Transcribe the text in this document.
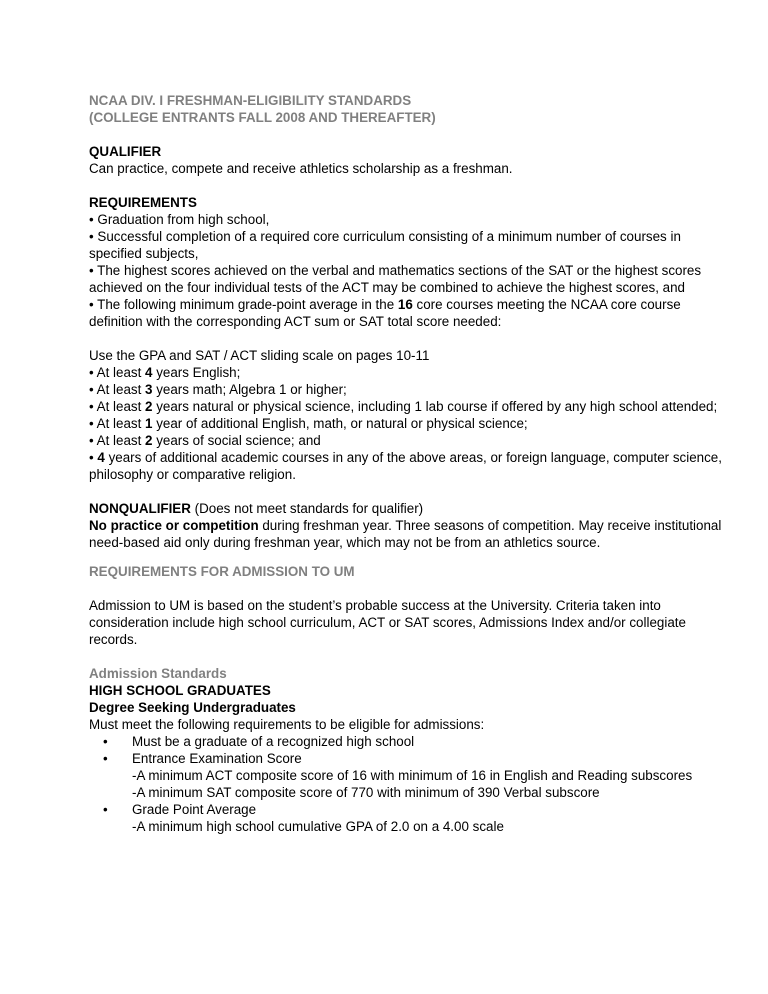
NCAA DIV. I FRESHMAN-ELIGIBILITY STANDARDS
(COLLEGE ENTRANTS FALL 2008 AND THEREAFTER)
QUALIFIER
Can practice, compete and receive athletics scholarship as a freshman.
REQUIREMENTS
• Graduation from high school,
• Successful completion of a required core curriculum consisting of a minimum number of courses in specified subjects,
• The highest scores achieved on the verbal and mathematics sections of the SAT or the highest scores achieved on the four individual tests of the ACT may be combined to achieve the highest scores, and
• The following minimum grade-point average in the 16 core courses meeting the NCAA core course definition with the corresponding ACT sum or SAT total score needed:
Use the GPA and SAT / ACT sliding scale on pages 10-11
• At least 4 years English;
• At least 3 years math; Algebra 1 or higher;
• At least 2 years natural or physical science, including 1 lab course if offered by any high school attended;
• At least 1 year of additional English, math, or natural or physical science;
• At least 2 years of social science; and
• 4 years of additional academic courses in any of the above areas, or foreign language, computer science, philosophy or comparative religion.
NONQUALIFIER (Does not meet standards for qualifier)
No practice or competition during freshman year. Three seasons of competition. May receive institutional need-based aid only during freshman year, which may not be from an athletics source.
REQUIREMENTS FOR ADMISSION TO UM
Admission to UM is based on the student’s probable success at the University. Criteria taken into consideration include high school curriculum, ACT or SAT scores, Admissions Index and/or collegiate records.
Admission Standards
HIGH SCHOOL GRADUATES
Degree Seeking Undergraduates
Must meet the following requirements to be eligible for admissions:
• Must be a graduate of a recognized high school
• Entrance Examination Score
-A minimum ACT composite score of 16 with minimum of 16 in English and Reading subscores
-A minimum SAT composite score of 770 with minimum of 390 Verbal subscore
• Grade Point Average
-A minimum high school cumulative GPA of 2.0 on a 4.00 scale
